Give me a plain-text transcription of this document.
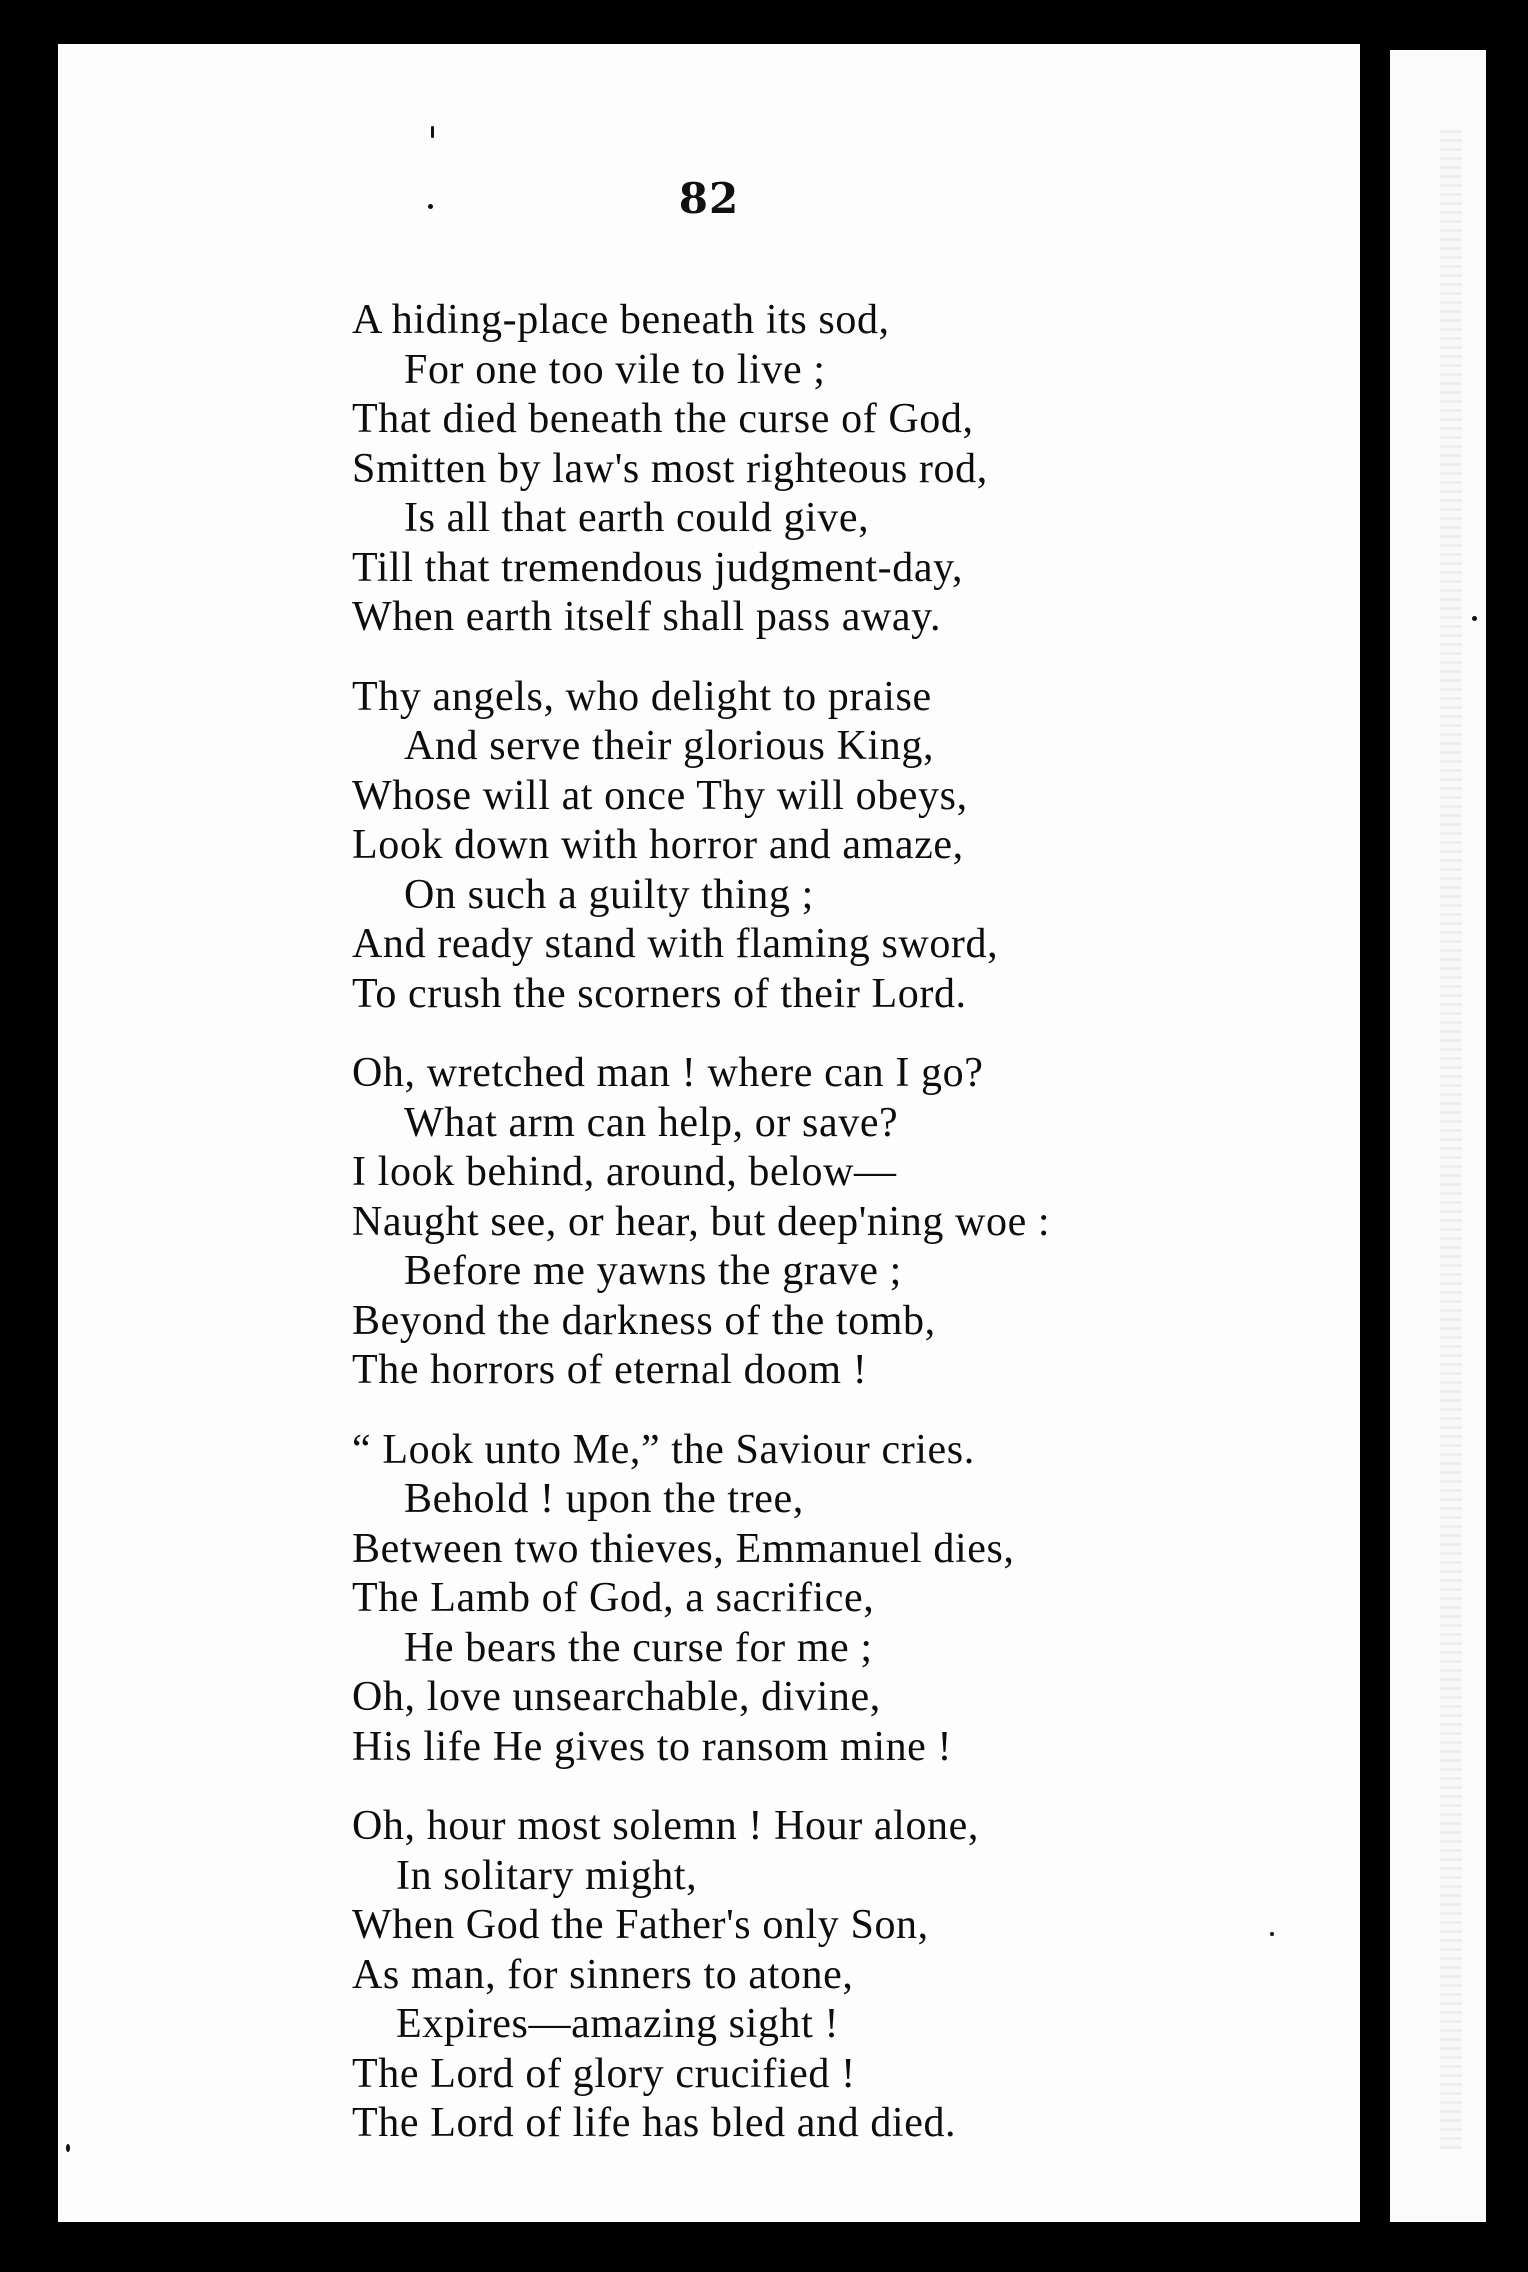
82
A hiding-place beneath its sod,
For one too vile to live ;
That died beneath the curse of God,
Smitten by law's most righteous rod,
Is all that earth could give,
Till that tremendous judgment-day,
When earth itself shall pass away.
Thy angels, who delight to praise
And serve their glorious King,
Whose will at once Thy will obeys,
Look down with horror and amaze,
On such a guilty thing ;
And ready stand with flaming sword,
To crush the scorners of their Lord.
Oh, wretched man ! where can I go?
What arm can help, or save?
I look behind, around, below—
Naught see, or hear, but deep'ning woe :
Before me yawns the grave ;
Beyond the darkness of the tomb,
The horrors of eternal doom !
“ Look unto Me,” the Saviour cries.
Behold ! upon the tree,
Between two thieves, Emmanuel dies,
The Lamb of God, a sacrifice,
He bears the curse for me ;
Oh, love unsearchable, divine,
His life He gives to ransom mine !
Oh, hour most solemn ! Hour alone,
In solitary might,
When God the Father's only Son,
As man, for sinners to atone,
Expires—amazing sight !
The Lord of glory crucified !
The Lord of life has bled and died.
